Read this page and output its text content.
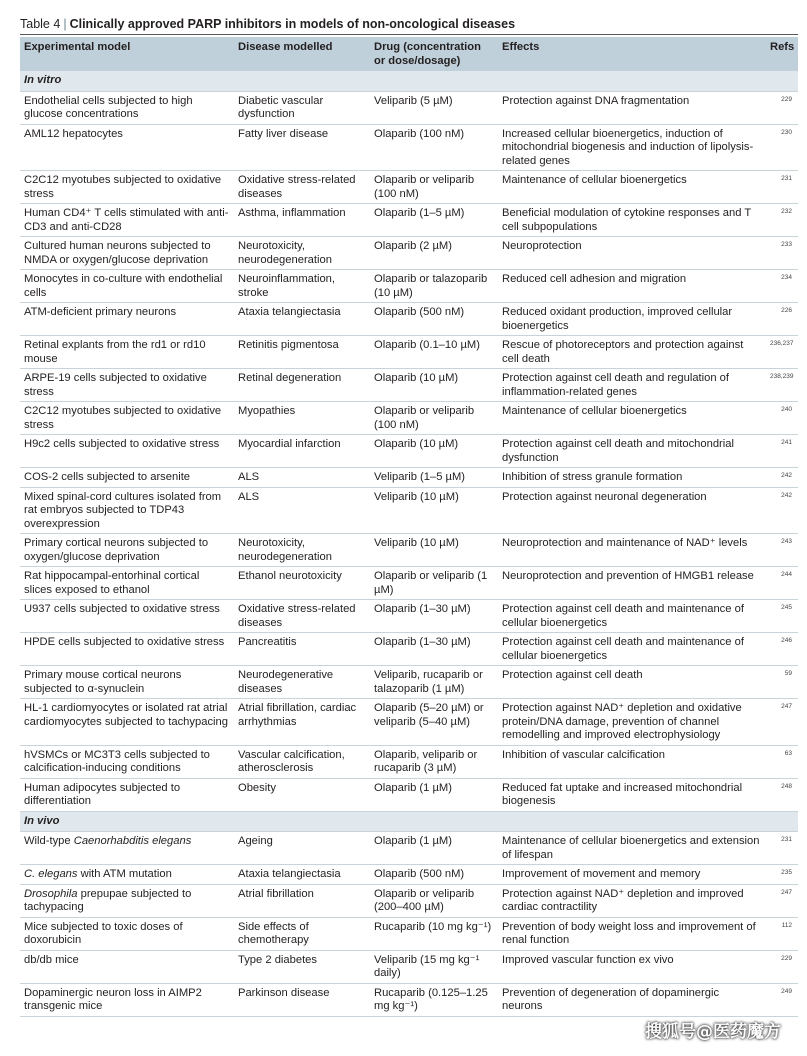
Table 4 | Clinically approved PARP inhibitors in models of non-oncological diseases
Experimental model	Disease modelled	Drug (concentration or dose/dosage)	Effects	Refs
In vitro				
Endothelial cells subjected to high glucose concentrations	Diabetic vascular dysfunction	Veliparib (5 µM)	Protection against DNA fragmentation	229
AML12 hepatocytes	Fatty liver disease	Olaparib (100 nM)	Increased cellular bioenergetics, induction of mitochondrial biogenesis and induction of lipolysis-related genes	230
C2C12 myotubes subjected to oxidative stress	Oxidative stress-related diseases	Olaparib or veliparib (100 nM)	Maintenance of cellular bioenergetics	231
Human CD4⁺ T cells stimulated with anti-CD3 and anti-CD28	Asthma, inflammation	Olaparib (1–5 µM)	Beneficial modulation of cytokine responses and T cell subpopulations	232
Cultured human neurons subjected to NMDA or oxygen/glucose deprivation	Neurotoxicity, neurodegeneration	Olaparib (2 µM)	Neuroprotection	233
Monocytes in co-culture with endothelial cells	Neuroinflammation, stroke	Olaparib or talazoparib (10 µM)	Reduced cell adhesion and migration	234
ATM-deficient primary neurons	Ataxia telangiectasia	Olaparib (500 nM)	Reduced oxidant production, improved cellular bioenergetics	226
Retinal explants from the rd1 or rd10 mouse	Retinitis pigmentosa	Olaparib (0.1–10 µM)	Rescue of photoreceptors and protection against cell death	236,237
ARPE-19 cells subjected to oxidative stress	Retinal degeneration	Olaparib (10 µM)	Protection against cell death and regulation of inflammation-related genes	238,239
C2C12 myotubes subjected to oxidative stress	Myopathies	Olaparib or veliparib (100 nM)	Maintenance of cellular bioenergetics	240
H9c2 cells subjected to oxidative stress	Myocardial infarction	Olaparib (10 µM)	Protection against cell death and mitochondrial dysfunction	241
COS-2 cells subjected to arsenite	ALS	Veliparib (1–5 µM)	Inhibition of stress granule formation	242
Mixed spinal-cord cultures isolated from rat embryos subjected to TDP43 overexpression	ALS	Veliparib (10 µM)	Protection against neuronal degeneration	242
Primary cortical neurons subjected to oxygen/glucose deprivation	Neurotoxicity, neurodegeneration	Veliparib (10 µM)	Neuroprotection and maintenance of NAD⁺ levels	243
Rat hippocampal-entorhinal cortical slices exposed to ethanol	Ethanol neurotoxicity	Olaparib or veliparib (1 µM)	Neuroprotection and prevention of HMGB1 release	244
U937 cells subjected to oxidative stress	Oxidative stress-related diseases	Olaparib (1–30 µM)	Protection against cell death and maintenance of cellular bioenergetics	245
HPDE cells subjected to oxidative stress	Pancreatitis	Olaparib (1–30 µM)	Protection against cell death and maintenance of cellular bioenergetics	246
Primary mouse cortical neurons subjected to α-synuclein	Neurodegenerative diseases	Veliparib, rucaparib or talazoparib (1 µM)	Protection against cell death	59
HL-1 cardiomyocytes or isolated rat atrial cardiomyocytes subjected to tachypacing	Atrial fibrillation, cardiac arrhythmias	Olaparib (5–20 µM) or veliparib (5–40 µM)	Protection against NAD⁺ depletion and oxidative protein/DNA damage, prevention of channel remodelling and improved electrophysiology	247
hVSMCs or MC3T3 cells subjected to calcification-inducing conditions	Vascular calcification, atherosclerosis	Olaparib, veliparib or rucaparib (3 µM)	Inhibition of vascular calcification	63
Human adipocytes subjected to differentiation	Obesity	Olaparib (1 µM)	Reduced fat uptake and increased mitochondrial biogenesis	248
In vivo				
Wild-type Caenorhabditis elegans	Ageing	Olaparib (1 µM)	Maintenance of cellular bioenergetics and extension of lifespan	231
C. elegans with ATM mutation	Ataxia telangiectasia	Olaparib (500 nM)	Improvement of movement and memory	235
Drosophila prepupae subjected to tachypacing	Atrial fibrillation	Olaparib or veliparib (200–400 µM)	Protection against NAD⁺ depletion and improved cardiac contractility	247
Mice subjected to toxic doses of doxorubicin	Side effects of chemotherapy	Rucaparib (10 mg kg⁻¹)	Prevention of body weight loss and improvement of renal function	112
db/db mice	Type 2 diabetes	Veliparib (15 mg kg⁻¹ daily)	Improved vascular function ex vivo	229
Dopaminergic neuron loss in AIMP2 transgenic mice	Parkinson disease	Rucaparib (0.125–1.25 mg kg⁻¹)	Prevention of degeneration of dopaminergic neurons	249
搜狐号@医药魔方
